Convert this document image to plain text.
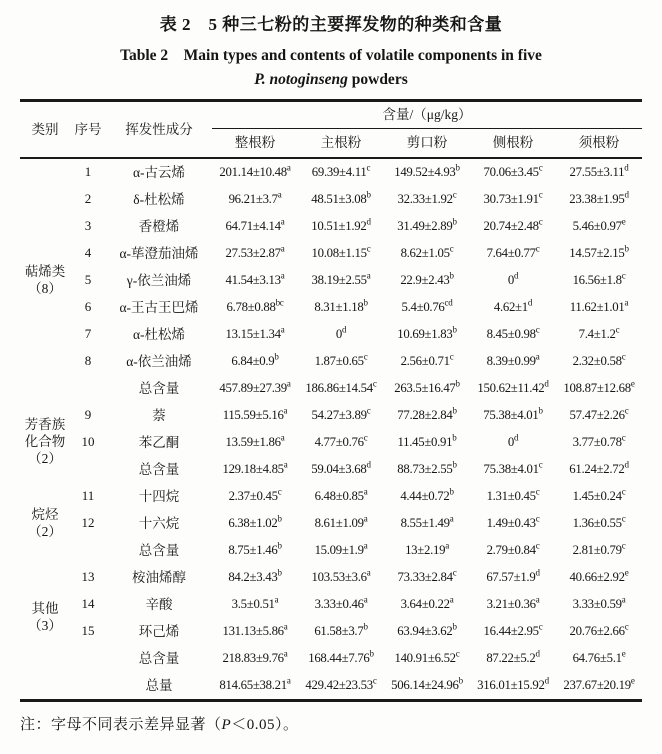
表 2　5 种三七粉的主要挥发物的种类和含量
Table 2　Main types and contents of volatile components in five
P. notoginseng powders
类别	序号	挥发性成分	含量/（μg/kg）				
			整根粉	主根粉	剪口粉	侧根粉	须根粉
萜烯类
（8）	1	α-古云烯	201.14±10.48$^a$	69.39±4.11$^c$	149.52±4.93$^b$	70.06±3.45$^c$	27.55±3.11$^d$
	2	δ-杜松烯	96.21±3.7$^a$	48.51±3.08$^b$	32.33±1.92$^c$	30.73±1.91$^c$	23.38±1.95$^d$
	3	香橙烯	64.71±4.14$^a$	10.51±1.92$^d$	31.49±2.89$^b$	20.74±2.48$^c$	5.46±0.97$^e$
	4	α-荜澄茄油烯	27.53±2.87$^a$	10.08±1.15$^c$	8.62±1.05$^c$	7.64±0.77$^c$	14.57±2.15$^b$
	5	γ-依兰油烯	41.54±3.13$^a$	38.19±2.55$^a$	22.9±2.43$^b$	0$^d$	16.56±1.8$^c$
	6	α-王古王巴烯	6.78±0.88$^{bc}$	8.31±1.18$^b$	5.4±0.76$^{cd}$	$4.62\pm 1^d$	11.62±1.01$^a$
	7	α-杜松烯	13.15±1.34$^a$	0$^d$	10.69±1.83$^b$	8.45±0.98$^c$	7.4±1.2$^c$
	8	α-依兰油烯	6.84±0.9$^b$	1.87±0.65$^c$	2.56±0.71$^c$	8.39±0.99$^a$	2.32±0.58$^c$
		总含量	457.89±27.39$^a$	186.86±14.54$^c$	263.5±16.47$^b$	150.62±11.42$^d$	108.87±12.68$^e$
芳香族
化合物
（2）	9	萘	115.59±5.16$^a$	54.27±3.89$^c$	77.28±2.84$^b$	75.38±4.01$^b$	57.47±2.26$^c$
	10	苯乙酮	13.59±1.86$^a$	4.77±0.76$^c$	11.45±0.91$^b$	0$^d$	3.77±0.78$^c$
		总含量	129.18±4.85$^a$	59.04±3.68$^d$	88.73±2.55$^b$	75.38±4.01$^c$	61.24±2.72$^d$
烷烃
（2）	11	十四烷	2.37±0.45$^c$	6.48±0.85$^a$	4.44±0.72$^b$	1.31±0.45$^c$	1.45±0.24$^c$
	12	十六烷	6.38±1.02$^b$	8.61±1.09$^a$	8.55±1.49$^a$	1.49±0.43$^c$	1.36±0.55$^c$
		总含量	8.75±1.46$^b$	15.09±1.9$^a$	13±2.19$^a$	2.79±0.84$^c$	2.81±0.79$^c$
其他
（3）	13	桉油烯醇	84.2±3.43$^b$	103.53±3.6$^a$	73.33±2.84$^c$	67.57±1.9$^d$	40.66±2.92$^e$
	14	辛酸	3.5±0.51$^a$	3.33±0.46$^a$	3.64±0.22$^a$	3.21±0.36$^a$	3.33±0.59$^a$
	15	环己烯	131.13±5.86$^a$	61.58±3.7$^b$	63.94±3.62$^b$	16.44±2.95$^c$	20.76±2.66$^c$
		总含量	218.83±9.76$^a$	168.44±7.76$^b$	140.91±6.52$^c$	87.22±5.2$^d$	64.76±5.1$^e$
		总量	814.65±38.21$^a$	429.42±23.53$^c$	506.14±24.96$^b$	316.01±15.92$^d$	237.67±20.19$^e$
注：字母不同表示差异显著（P＜0.05）。
